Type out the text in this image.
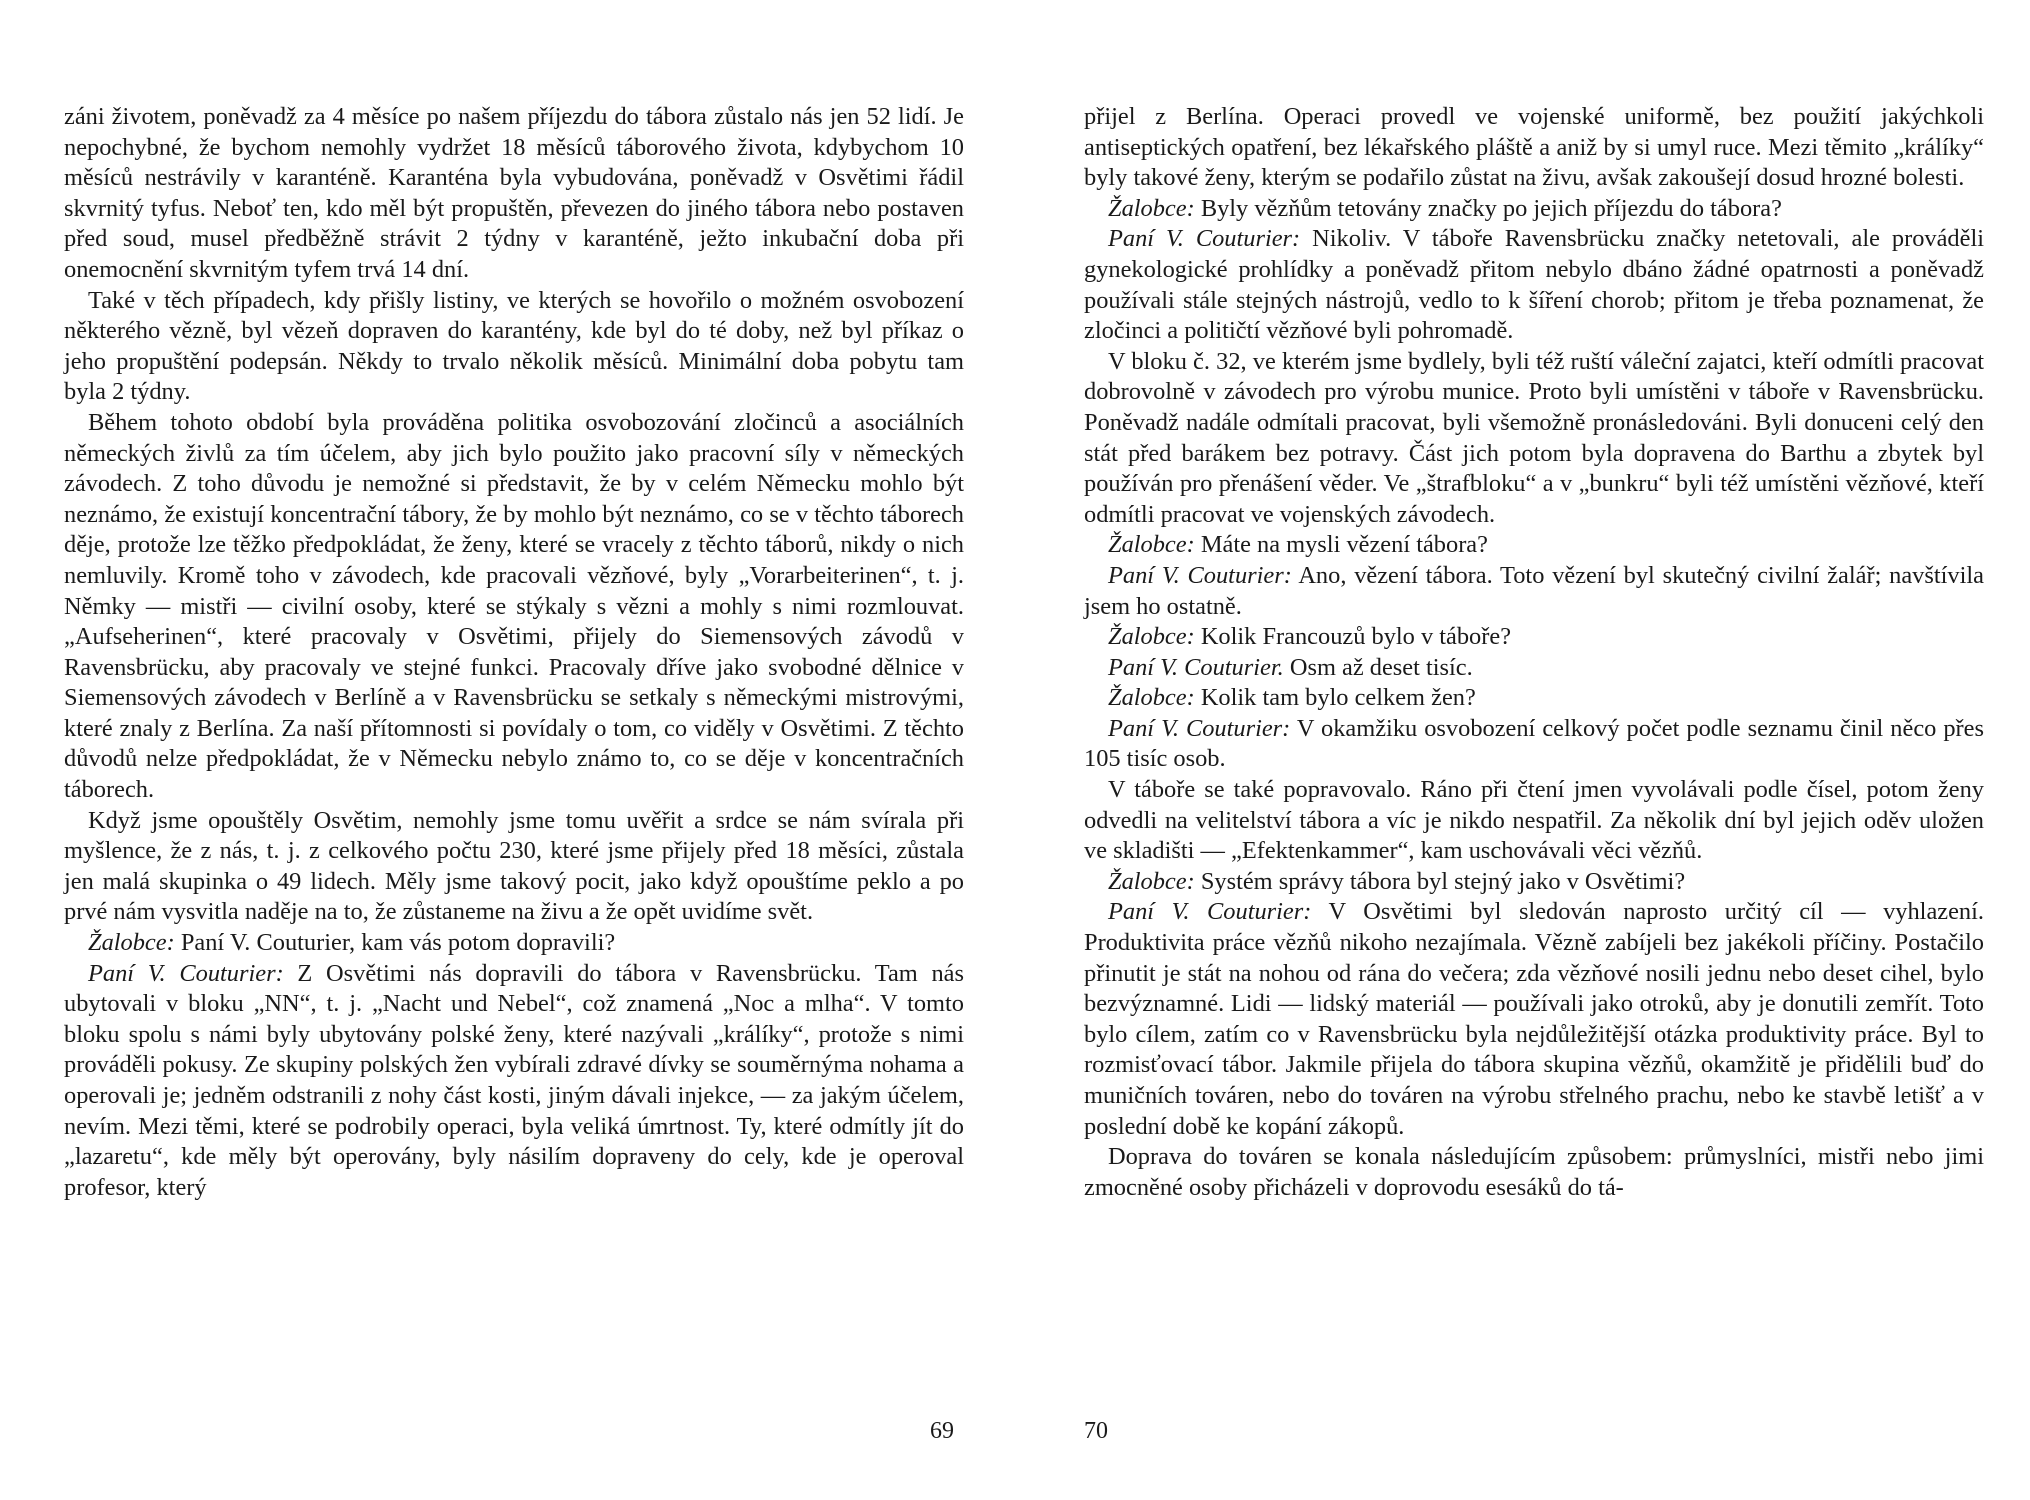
záni životem, poněvadž za 4 měsíce po našem příjezdu do tábora zůstalo nás jen 52 lidí. Je nepochybné, že bychom nemohly vydržet 18 měsíců táborového života, kdybychom 10 měsíců nestrávily v karanténě. Karanténa byla vybudována, poněvadž v Osvětimi řádil skvrnitý tyfus. Neboť ten, kdo měl být propuštěn, převezen do jiného tábora nebo postaven před soud, musel předběžně strávit 2 týdny v karanténě, ježto inkubační doba při onemocnění skvrnitým tyfem trvá 14 dní.

Také v těch případech, kdy přišly listiny, ve kterých se hovořilo o možném osvobození některého vězně, byl vězeň dopraven do karantény, kde byl do té doby, než byl příkaz o jeho propuštění podepsán. Někdy to trvalo několik měsíců. Minimální doba pobytu tam byla 2 týdny.

Během tohoto období byla prováděna politika osvobozování zločinců a asociálních německých živlů za tím účelem, aby jich bylo použito jako pracovní síly v německých závodech. Z toho důvodu je nemožné si představit, že by v celém Německu mohlo být neznámo, že existují koncentrační tábory, že by mohlo být neznámo, co se v těchto táborech děje, protože lze těžko předpokládat, že ženy, které se vracely z těchto táborů, nikdy o nich nemluvily. Kromě toho v závodech, kde pracovali vězňové, byly „Vorarbeiterinen“, t. j. Němky — mistři — civilní osoby, které se stýkaly s vězni a mohly s nimi rozmlouvat. „Aufseherinen“, které pracovaly v Osvětimi, přijely do Siemensových závodů v Ravensbrücku, aby pracovaly ve stejné funkci. Pracovaly dříve jako svobodné dělnice v Siemensových závodech v Berlíně a v Ravensbrücku se setkaly s německými mistrovými, které znaly z Berlína. Za naší přítomnosti si povídaly o tom, co viděly v Osvětimi. Z těchto důvodů nelze předpokládat, že v Německu nebylo známo to, co se děje v koncentračních táborech.

Když jsme opouštěly Osvětim, nemohly jsme tomu uvěřit a srdce se nám svírala při myšlence, že z nás, t. j. z celkového počtu 230, které jsme přijely před 18 měsíci, zůstala jen malá skupinka o 49 lidech. Měly jsme takový pocit, jako když opouštíme peklo a po prvé nám vysvitla naděje na to, že zůstaneme na živu a že opět uvidíme svět.

Žalobce: Paní V. Couturier, kam vás potom dopravili?

Paní V. Couturier: Z Osvětimi nás dopravili do tábora v Ravensbrücku. Tam nás ubytovali v bloku „NN“, t. j. „Nacht und Nebel“, což znamená „Noc a mlha“. V tomto bloku spolu s námi byly ubytovány polské ženy, které nazývali „králíky“, protože s nimi prováděli pokusy. Ze skupiny polských žen vybírali zdravé dívky se souměrnýma nohama a operovali je; jedněm odstranili z nohy část kosti, jiným dávali injekce, — za jakým účelem, nevím. Mezi těmi, které se podrobily operaci, byla veliká úmrtnost. Ty, které odmítly jít do „lazaretu“, kde měly být operovány, byly násilím dopraveny do cely, kde je operoval profesor, který

69

přijel z Berlína. Operaci provedl ve vojenské uniformě, bez použití jakýchkoli antiseptických opatření, bez lékařského pláště a aniž by si umyl ruce. Mezi těmito „králíky“ byly takové ženy, kterým se podařilo zůstat na živu, avšak zakoušejí dosud hrozné bolesti.

Žalobce: Byly vězňům tetovány značky po jejich příjezdu do tábora?

Paní V. Couturier: Nikoliv. V táboře Ravensbrücku značky netetovali, ale prováděli gynekologické prohlídky a poněvadž přitom nebylo dbáno žádné opatrnosti a poněvadž používali stále stejných nástrojů, vedlo to k šíření chorob; přitom je třeba poznamenat, že zločinci a političtí vězňové byli pohromadě.

V bloku č. 32, ve kterém jsme bydlely, byli též ruští váleční zajatci, kteří odmítli pracovat dobrovolně v závodech pro výrobu munice. Proto byli umístěni v táboře v Ravensbrücku. Poněvadž nadále odmítali pracovat, byli všemožně pronásledováni. Byli donuceni celý den stát před barákem bez potravy. Část jich potom byla dopravena do Barthu a zbytek byl používán pro přenášení věder. Ve „štrafbloku“ a v „bunkru“ byli též umístěni vězňové, kteří odmítli pracovat ve vojenských závodech.

Žalobce: Máte na mysli vězení tábora?

Paní V. Couturier: Ano, vězení tábora. Toto vězení byl skutečný civilní žalář; navštívila jsem ho ostatně.

Žalobce: Kolik Francouzů bylo v táboře?

Paní V. Couturier. Osm až deset tisíc.

Žalobce: Kolik tam bylo celkem žen?

Paní V. Couturier: V okamžiku osvobození celkový počet podle seznamu činil něco přes 105 tisíc osob.

V táboře se také popravovalo. Ráno při čtení jmen vyvolávali podle čísel, potom ženy odvedli na velitelství tábora a víc je nikdo nespatřil. Za několik dní byl jejich oděv uložen ve skladišti — „Efektenkammer“, kam uschovávali věci vězňů.

Žalobce: Systém správy tábora byl stejný jako v Osvětimi?

Paní V. Couturier: V Osvětimi byl sledován naprosto určitý cíl — vyhlazení. Produktivita práce vězňů nikoho nezajímala. Vězně zabíjeli bez jakékoli příčiny. Postačilo přinutit je stát na nohou od rána do večera; zda vězňové nosili jednu nebo deset cihel, bylo bezvýznamné. Lidi — lidský materiál — používali jako otroků, aby je donutili zemřít. Toto bylo cílem, zatím co v Ravensbrücku byla nejdůležitější otázka produktivity práce. Byl to rozmisťovací tábor. Jakmile přijela do tábora skupina vězňů, okamžitě je přidělili buď do muničních továren, nebo do továren na výrobu střelného prachu, nebo ke stavbě letišť a v poslední době ke kopání zákopů.

Doprava do továren se konala následujícím způsobem: průmyslníci, mistři nebo jimi zmocněné osoby přicházeli v doprovodu esesáků do tá-

70
